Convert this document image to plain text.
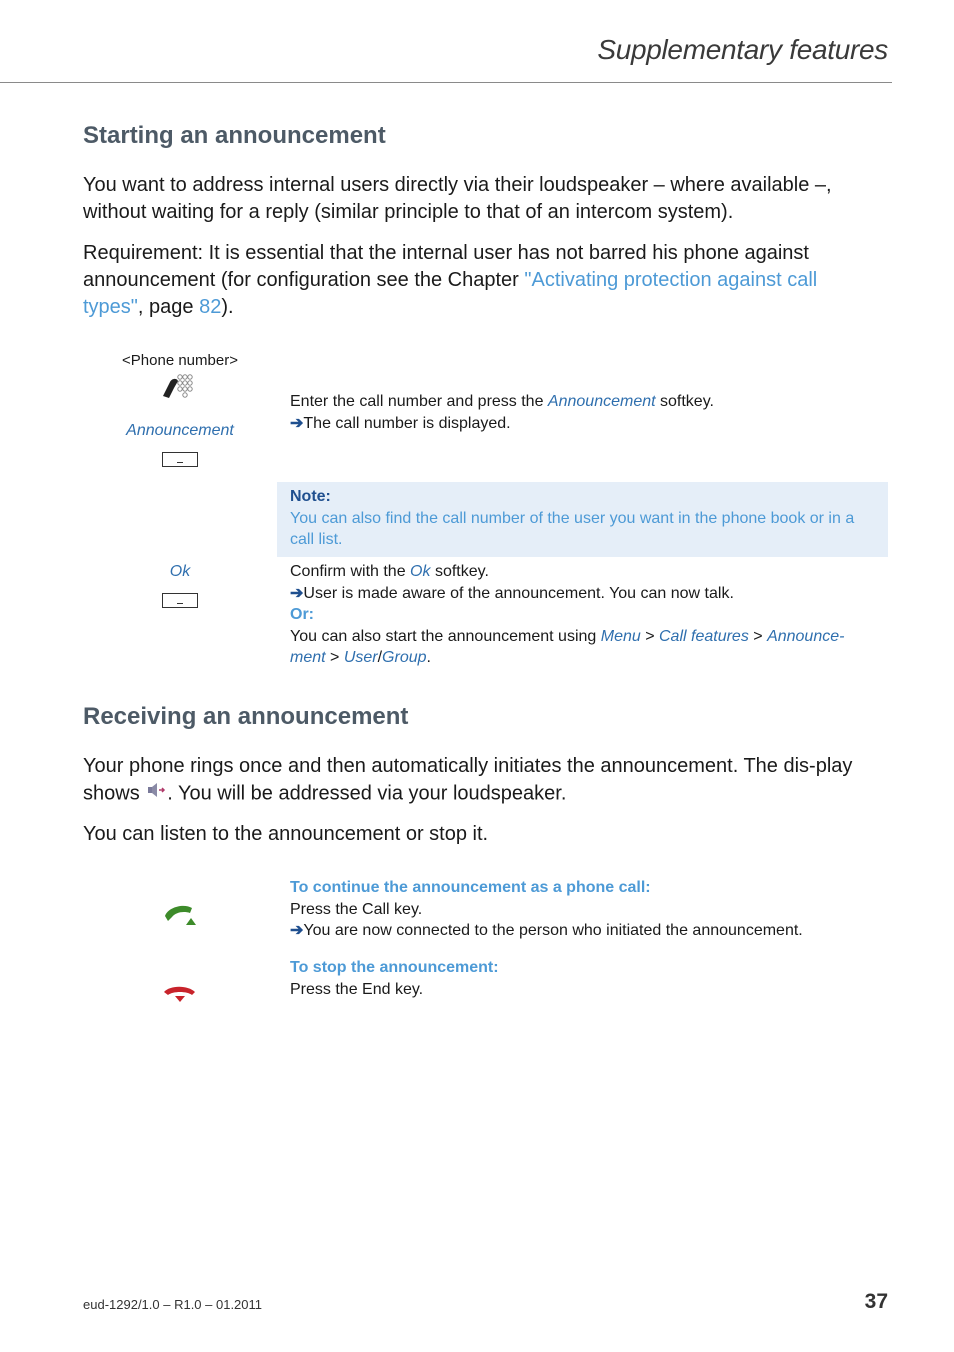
Supplementary features
Starting an announcement

You want to address internal users directly via their loudspeaker – where available –, without waiting for a reply (similar principle to that of an intercom system).

Requirement: It is essential that the internal user has not barred his phone against announcement (for configuration see the Chapter "Activating protection against call types", page 82).

<Phone number>
Announcement
Enter the call number and press the Announcement softkey.
➔The call number is displayed.
Note:
You can also find the call number of the user you want in the phone book or in a call list.
Ok	Confirm with the Ok softkey.
➔User is made aware of the announcement. You can now talk.
Or:
You can also start the announcement using Menu > Call features > Announce-
ment > User/Group.
Receiving an announcement

Your phone rings once and then automatically initiates the announcement. The dis-play shows . You will be addressed via your loudspeaker.

You can listen to the announcement or stop it.

To continue the announcement as a phone call:
Press the Call key.
➔You are now connected to the person who initiated the announcement.
To stop the announcement:
Press the End key.
eud-1292/1.0 – R1.0 – 01.2011	37
